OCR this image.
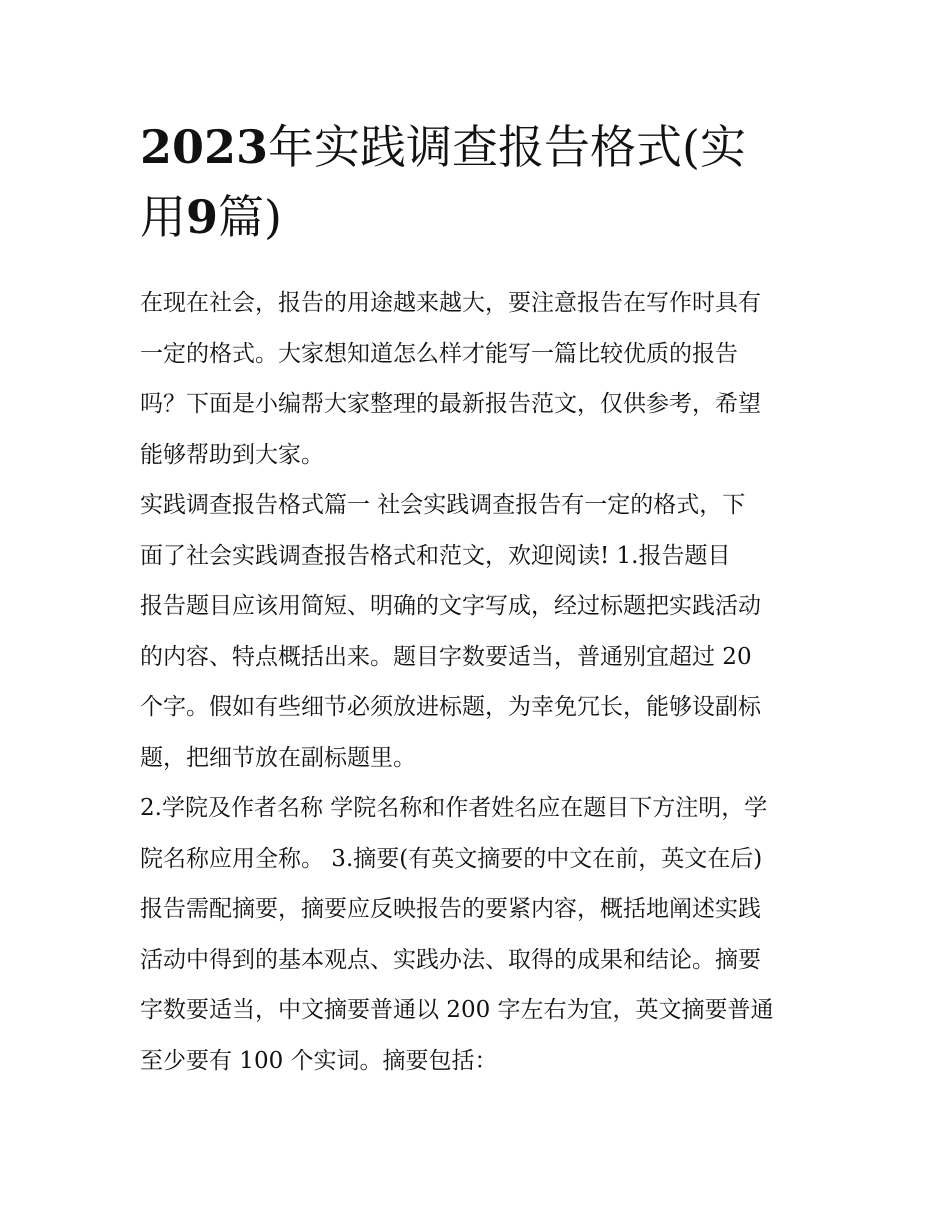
2023年实践调查报告格式(实
用9篇)
在现在社会，报告的用途越来越大，要注意报告在写作时具有
一定的格式。大家想知道怎么样才能写一篇比较优质的报告
吗？下面是小编帮大家整理的最新报告范文，仅供参考，希望
能够帮助到大家。
实践调查报告格式篇一 社会实践调查报告有一定的格式，下
面了社会实践调查报告格式和范文，欢迎阅读! 1.报告题目
报告题目应该用简短、明确的文字写成，经过标题把实践活动
的内容、特点概括出来。题目字数要适当，普通别宜超过 20
个字。假如有些细节必须放进标题，为幸免冗长，能够设副标
题，把细节放在副标题里。
2.学院及作者名称 学院名称和作者姓名应在题目下方注明，学
院名称应用全称。 3.摘要(有英文摘要的中文在前，英文在后)
报告需配摘要，摘要应反映报告的要紧内容，概括地阐述实践
活动中得到的基本观点、实践办法、取得的成果和结论。摘要
字数要适当，中文摘要普通以 200 字左右为宜，英文摘要普通
至少要有 100 个实词。摘要包括：
